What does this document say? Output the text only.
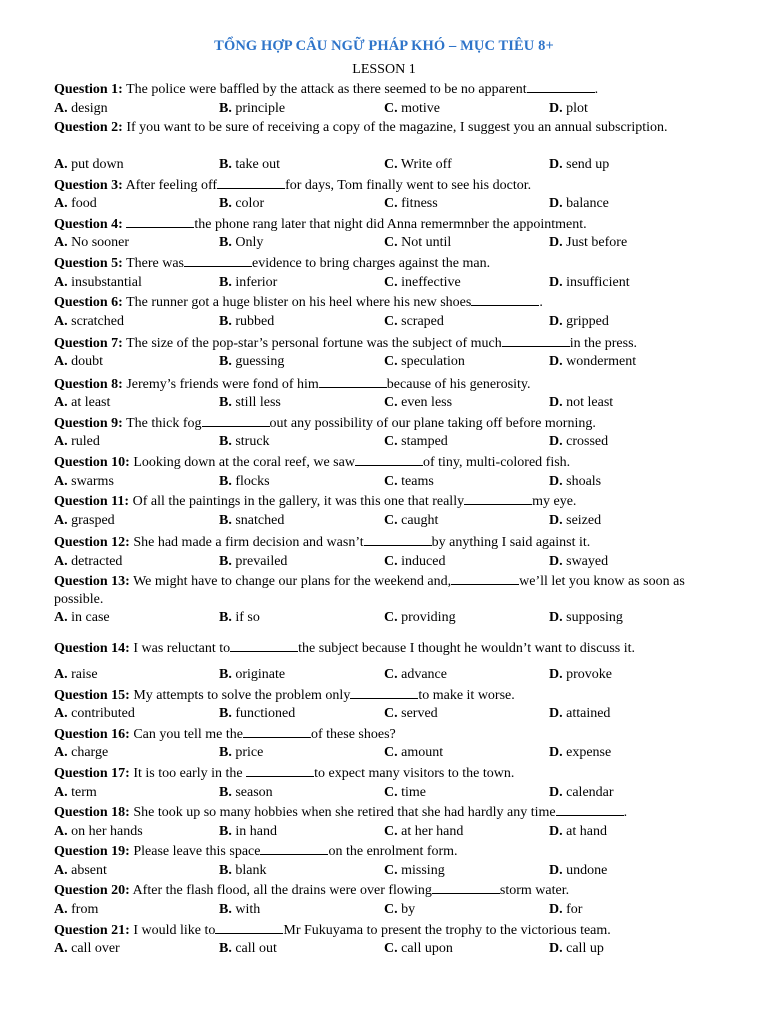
TỔNG HỢP CÂU NGỮ PHÁP KHÓ – MỤC TIÊU 8+
LESSON 1
Question 1: The police were baffled by the attack as there seemed to be no apparent	.
A. design	B. principle	C. motive	D. plot
Question 2: If you want to be sure of receiving a copy of the magazine, I suggest you an annual subscription.
A. put down	B. take out	C. Write off	D. send up
Question 3: After feeling off	for days, Tom finally went to see his doctor.
A. food	B. color	C. fitness	D. balance
Question 4:	the phone rang later that night did Anna remermnber the appointment.
A. No sooner	B. Only	C. Not until	D. Just before
Question 5: There was	evidence to bring charges against the man.
A. insubstantial	B. inferior	C. ineffective	D. insufficient
Question 6: The runner got a huge blister on his heel where his new shoes	.
A. scratched	B. rubbed	C. scraped	D. gripped
Question 7: The size of the pop-star’s personal fortune was the subject of much	in the press.
A. doubt	B. guessing	C. speculation	D. wonderment
Question 8: Jeremy’s friends were fond of him	because of his generosity.
A. at least	B. still less	C. even less	D. not least
Question 9: The thick fog	out any possibility of our plane taking off before morning.
A. ruled	B. struck	C. stamped	D. crossed
Question 10: Looking down at the coral reef, we saw	of tiny, multi-colored fish.
A. swarms	B. flocks	C. teams	D. shoals
Question 11: Of all the paintings in the gallery, it was this one that really	my eye.
A. grasped	B. snatched	C. caught	D. seized
Question 12: She had made a firm decision and wasn’t	by anything I said against it.
A. detracted	B. prevailed	C. induced	D. swayed
Question 13: We might have to change our plans for the weekend and,	we’ll let you know as soon as possible.
A. in case	B. if so	C. providing	D. supposing
Question 14: I was reluctant to	the subject because I thought he wouldn’t want to discuss it.
A. raise	B. originate	C. advance	D. provoke
Question 15: My attempts to solve the problem only	to make it worse.
A. contributed	B. functioned	C. served	D. attained
Question 16: Can you tell me the	of these shoes?
A. charge	B. price	C. amount	D. expense
Question 17: It is too early in the	to expect many visitors to the town.
A. term	B. season	C. time	D. calendar
Question 18: She took up so many hobbies when she retired that she had hardly any time	.
A. on her hands	B. in hand	C. at her hand	D. at hand
Question 19: Please leave this space	on the enrolment form.
A. absent	B. blank	C. missing	D. undone
Question 20: After the flash flood, all the drains were over flowing	storm water.
A. from	B. with	C. by	D. for
Question 21: I would like to	Mr Fukuyama to present the trophy to the victorious team.
A. call over	B. call out	C. call upon	D. call up
